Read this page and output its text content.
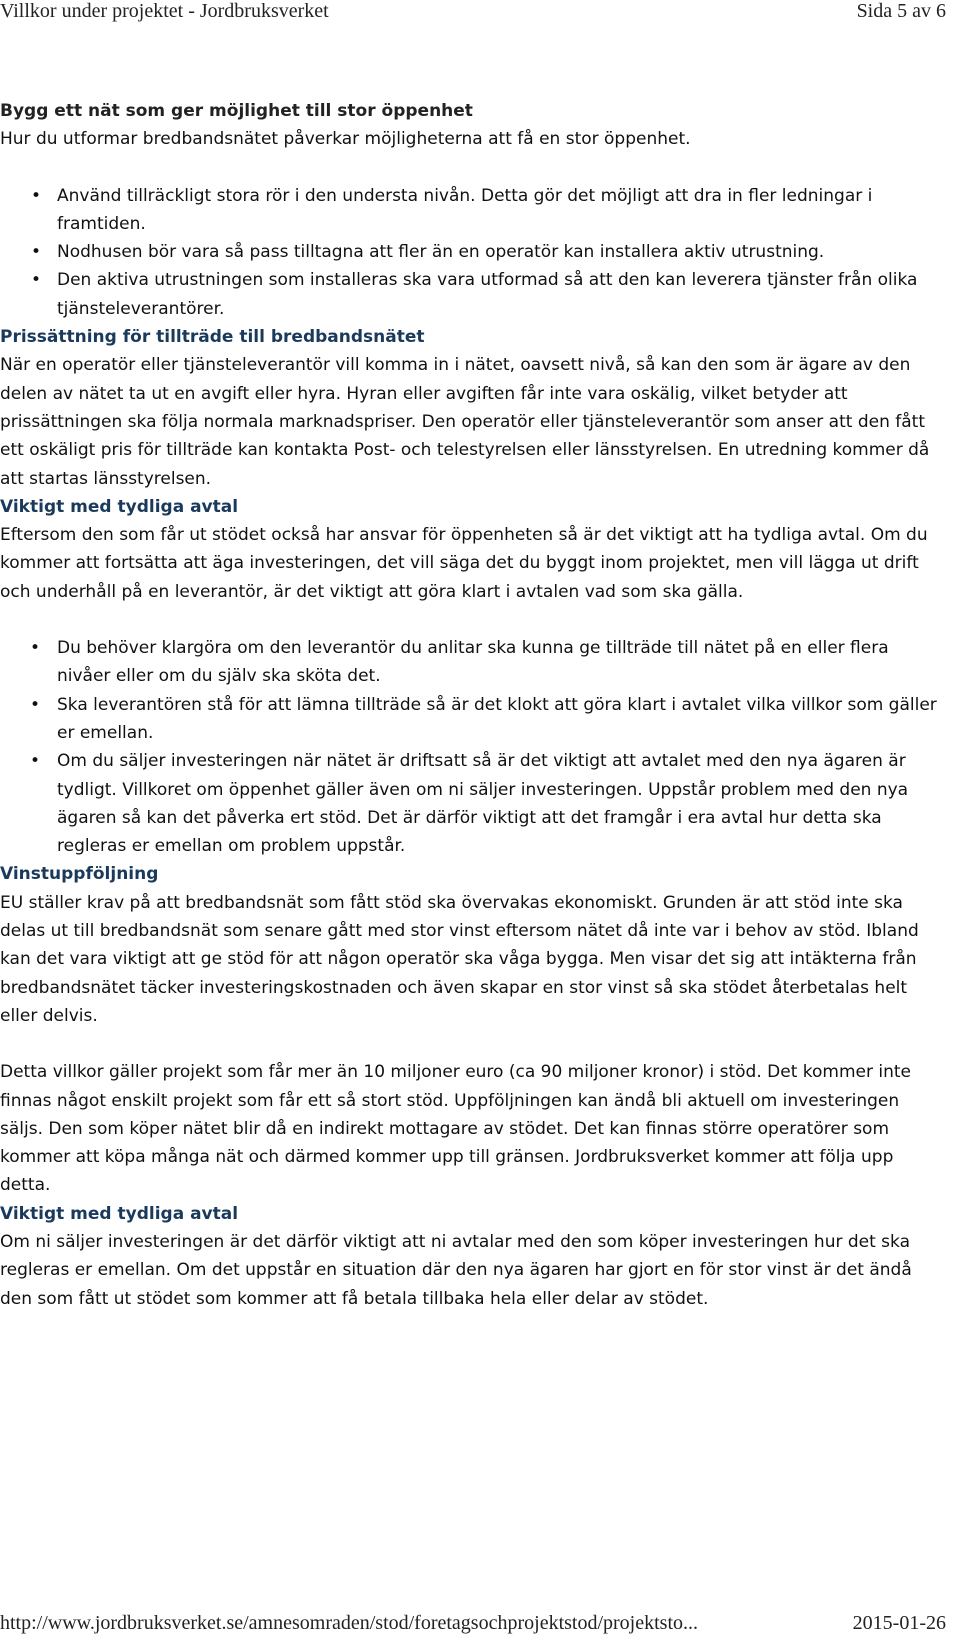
Villkor under projektet - Jordbruksverket	Sida 5 av 6
Bygg ett nät som ger möjlighet till stor öppenhet

Hur du utformar bredbandsnätet påverkar möjligheterna att få en stor öppenhet.

• Använd tillräckligt stora rör i den understa nivån. Detta gör det möjligt att dra in fler ledningar i framtiden.
• Nodhusen bör vara så pass tilltagna att fler än en operatör kan installera aktiv utrustning.
• Den aktiva utrustningen som installeras ska vara utformad så att den kan leverera tjänster från olika tjänsteleverantörer.
Prissättning för tillträde till bredbandsnätet

När en operatör eller tjänsteleverantör vill komma in i nätet, oavsett nivå, så kan den som är ägare av den delen av nätet ta ut en avgift eller hyra. Hyran eller avgiften får inte vara oskälig, vilket betyder att prissättningen ska följa normala marknadspriser. Den operatör eller tjänsteleverantör som anser att den fått ett oskäligt pris för tillträde kan kontakta Post- och telestyrelsen eller länsstyrelsen. En utredning kommer då att startas länsstyrelsen.

Viktigt med tydliga avtal

Eftersom den som får ut stödet också har ansvar för öppenheten så är det viktigt att ha tydliga avtal. Om du kommer att fortsätta att äga investeringen, det vill säga det du byggt inom projektet, men vill lägga ut drift och underhåll på en leverantör, är det viktigt att göra klart i avtalen vad som ska gälla.

• Du behöver klargöra om den leverantör du anlitar ska kunna ge tillträde till nätet på en eller flera nivåer eller om du själv ska sköta det.
• Ska leverantören stå för att lämna tillträde så är det klokt att göra klart i avtalet vilka villkor som gäller er emellan.
• Om du säljer investeringen när nätet är driftsatt så är det viktigt att avtalet med den nya ägaren är tydligt. Villkoret om öppenhet gäller även om ni säljer investeringen. Uppstår problem med den nya ägaren så kan det påverka ert stöd. Det är därför viktigt att det framgår i era avtal hur detta ska regleras er emellan om problem uppstår.
Vinstuppföljning

EU ställer krav på att bredbandsnät som fått stöd ska övervakas ekonomiskt. Grunden är att stöd inte ska delas ut till bredbandsnät som senare gått med stor vinst eftersom nätet då inte var i behov av stöd. Ibland kan det vara viktigt att ge stöd för att någon operatör ska våga bygga. Men visar det sig att intäkterna från bredbandsnätet täcker investeringskostnaden och även skapar en stor vinst så ska stödet återbetalas helt eller delvis.

Detta villkor gäller projekt som får mer än 10 miljoner euro (ca 90 miljoner kronor) i stöd. Det kommer inte finnas något enskilt projekt som får ett så stort stöd. Uppföljningen kan ändå bli aktuell om investeringen säljs. Den som köper nätet blir då en indirekt mottagare av stödet. Det kan finnas större operatörer som kommer att köpa många nät och därmed kommer upp till gränsen. Jordbruksverket kommer att följa upp detta.

Viktigt med tydliga avtal

Om ni säljer investeringen är det därför viktigt att ni avtalar med den som köper investeringen hur det ska regleras er emellan. Om det uppstår en situation där den nya ägaren har gjort en för stor vinst är det ändå den som fått ut stödet som kommer att få betala tillbaka hela eller delar av stödet.

http://www.jordbruksverket.se/amnesomraden/stod/foretagsochprojektstod/projektsto...	2015-01-26
